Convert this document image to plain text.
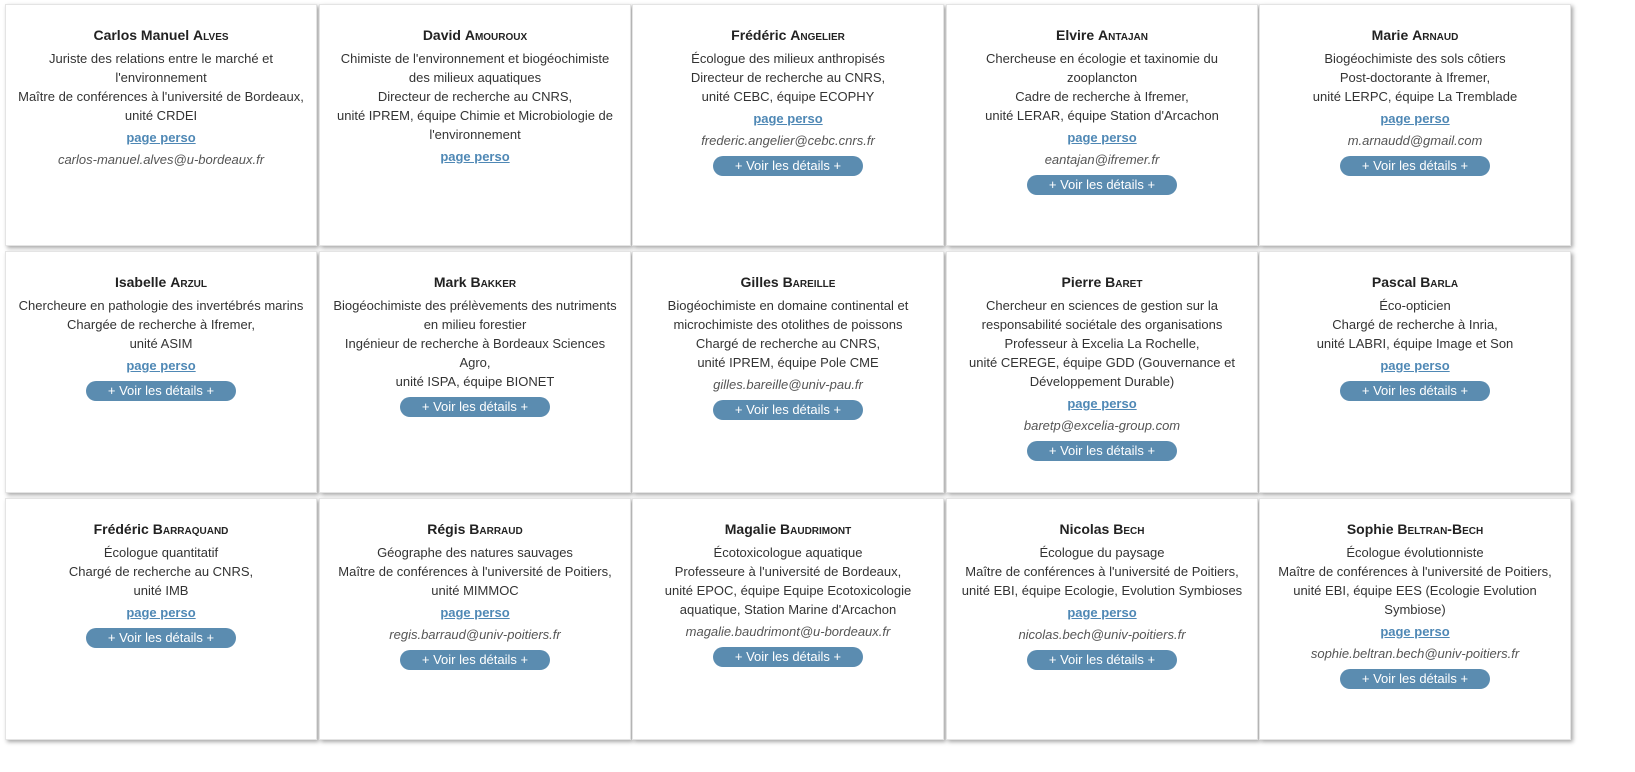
Carlos Manuel Alves
Juriste des relations entre le marché et
l'environnement
Maître de conférences à l'université de Bordeaux,
unité CRDEI
page perso
carlos-manuel.alves@u-bordeaux.fr
David Amouroux
Chimiste de l'environnement et biogéochimiste
des milieux aquatiques
Directeur de recherche au CNRS,
unité IPREM, équipe Chimie et Microbiologie de
l'environnement
page perso
Frédéric Angelier
Écologue des milieux anthropisés
Directeur de recherche au CNRS,
unité CEBC, équipe ECOPHY
page perso
frederic.angelier@cebc.cnrs.fr
+ Voir les détails +
Elvire Antajan
Chercheuse en écologie et taxinomie du
zooplancton
Cadre de recherche à Ifremer,
unité LERAR, équipe Station d'Arcachon
page perso
eantajan@ifremer.fr
+ Voir les détails +
Marie Arnaud
Biogéochimiste des sols côtiers
Post-doctorante à Ifremer,
unité LERPC, équipe La Tremblade
page perso
m.arnaudd@gmail.com
+ Voir les détails +
Isabelle Arzul
Chercheure en pathologie des invertébrés marins
Chargée de recherche à Ifremer,
unité ASIM
page perso
+ Voir les détails +
Mark Bakker
Biogéochimiste des prélèvements des nutriments
en milieu forestier
Ingénieur de recherche à Bordeaux Sciences Agro,
unité ISPA, équipe BIONET
+ Voir les détails +
Gilles Bareille
Biogéochimiste en domaine continental et
microchimiste des otolithes de poissons
Chargé de recherche au CNRS,
unité IPREM, équipe Pole CME
gilles.bareille@univ-pau.fr
+ Voir les détails +
Pierre Baret
Chercheur en sciences de gestion sur la
responsabilité sociétale des organisations
Professeur à Excelia La Rochelle,
unité CEREGE, équipe GDD (Gouvernance et
Développement Durable)
page perso
baretp@excelia-group.com
+ Voir les détails +
Pascal Barla
Éco-opticien
Chargé de recherche à Inria,
unité LABRI, équipe Image et Son
page perso
+ Voir les détails +
Frédéric Barraquand
Écologue quantitatif
Chargé de recherche au CNRS,
unité IMB
page perso
+ Voir les détails +
Régis Barraud
Géographe des natures sauvages
Maître de conférences à l'université de Poitiers,
unité MIMMOC
page perso
regis.barraud@univ-poitiers.fr
+ Voir les détails +
Magalie Baudrimont
Écotoxicologue aquatique
Professeure à l'université de Bordeaux,
unité EPOC, équipe Equipe Ecotoxicologie
aquatique, Station Marine d'Arcachon
magalie.baudrimont@u-bordeaux.fr
+ Voir les détails +
Nicolas Bech
Écologue du paysage
Maître de conférences à l'université de Poitiers,
unité EBI, équipe Ecologie, Evolution Symbioses
page perso
nicolas.bech@univ-poitiers.fr
+ Voir les détails +
Sophie Beltran-Bech
Écologue évolutionniste
Maître de conférences à l'université de Poitiers,
unité EBI, équipe EES (Ecologie Evolution
Symbiose)
page perso
sophie.beltran.bech@univ-poitiers.fr
+ Voir les détails +
